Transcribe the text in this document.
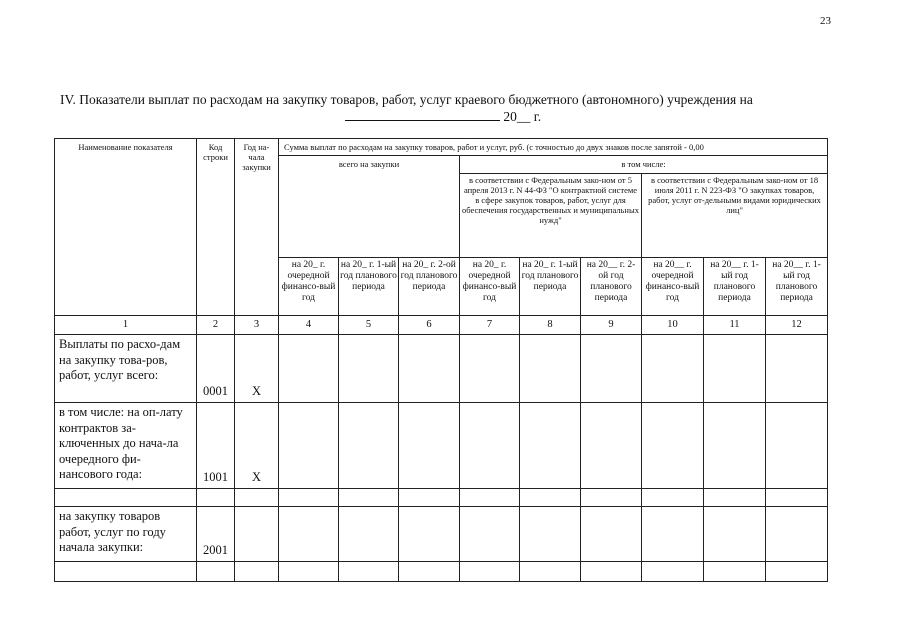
23
IV. Показатели выплат по расходам на закупку товаров, работ, услуг краевого бюджетного (автономного) учреждения на
20__ г.
Наименование показателя	Код строки	Год на-чала закупки	Сумма выплат по расходам на закупку товаров, работ и услуг, руб. (с точностью до двух знаков после запятой - 0,00								
			всего на закупки			в том числе:					
						в соответствии с Федеральным зако-ном от 5 апреля 2013 г. N 44-ФЗ "О контрактной системе в сфере закупок товаров, работ, услуг для обеспечения государственных и муниципальных нужд"			в соответствии с Федеральным зако-ном от 18 июля 2011 г. N 223-ФЗ "О закупках товаров, работ, услуг от-дельными видами юридических лиц"		
			на 20_ г. очередной финансо-вый год	на 20_ г. 1-ый год планового периода	на 20_ г. 2-ой год планового периода	на 20_ г. очередной финансо-вый год	на 20_ г. 1-ый год планового периода	на 20__ г. 2-ой год планового периода	на 20__ г. очередной финансо-вый год	на 20__ г. 1-ый год планового периода	на 20__ г. 1-ый год планового периода
1	2	3	4	5	6	7	8	9	10	11	12
Выплаты по расхо-дам на закупку това-ров, работ, услуг всего:	0001	X									
в том числе: на оп-лату контрактов за-ключенных до нача-ла очередного фи-нансового года:	1001	X									

на закупку товаров работ, услуг по году начала закупки:	2001										
